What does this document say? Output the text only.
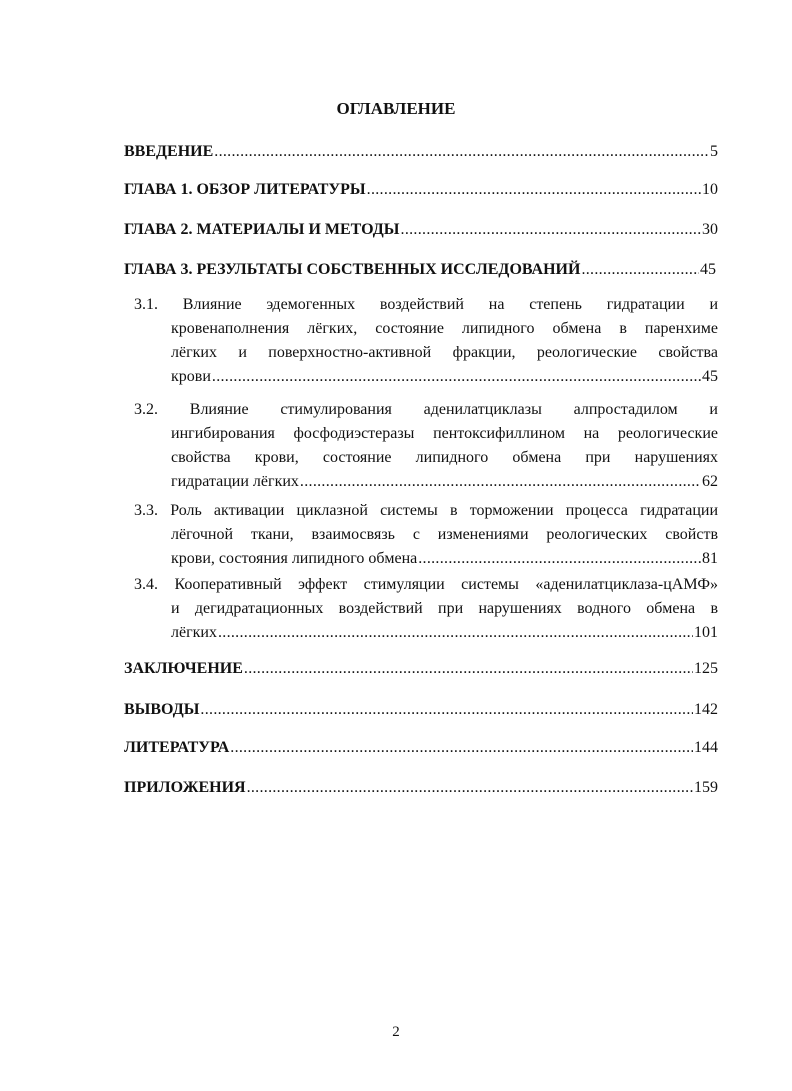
ОГЛАВЛЕНИЕ
ВВЕДЕНИЕ .....	5
ГЛАВА 1. ОБЗОР ЛИТЕРАТУРЫ .....	10
ГЛАВА 2. МАТЕРИАЛЫ И МЕТОДЫ .....	30
ГЛАВА 3. РЕЗУЛЬТАТЫ СОБСТВЕННЫХ ИССЛЕДОВАНИЙ .....	45
3.1. Влияние эдемогенных воздействий на степень гидратации и
кровенаполнения лёгких, состояние липидного обмена в паренхиме
лёгких и поверхностно-активной фракции, реологические свойства
крови .....	45
3.2. Влияние стимулирования аденилатциклазы алпростадилом и
ингибирования фосфодиэстеразы пентоксифиллином на реологические
свойства крови, состояние липидного обмена при нарушениях
гидратации лёгких .....	62
3.3. Роль активации циклазной системы в торможении процесса гидратации
лёгочной ткани, взаимосвязь с изменениями реологических свойств
крови, состояния липидного обмена .....	81
3.4. Кооперативный эффект стимуляции системы «аденилатциклаза-цАМФ»
и дегидратационных воздействий при нарушениях водного обмена в
лёгких .....	101
ЗАКЛЮЧЕНИЕ .....	125
ВЫВОДЫ .....	142
ЛИТЕРАТУРА .....	144
ПРИЛОЖЕНИЯ .....	159
2
